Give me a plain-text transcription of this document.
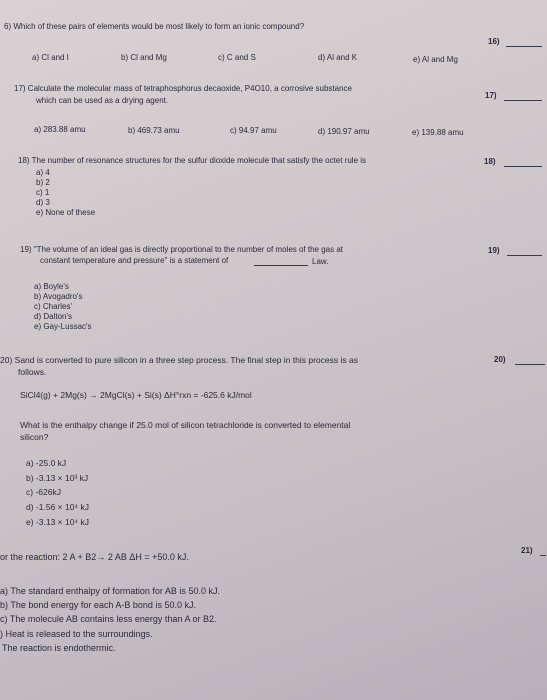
6) Which of these pairs of elements would be most likely to form an ionic compound?
16)
a) Cl and I	b) Cl and Mg	c) C and S	d) Al and K	e) Al and Mg
17) Calculate the molecular mass of tetraphosphorus decaoxide, P4O10, a corrosive substance
which can be used as a drying agent.
17)
a) 283.88 amu	b) 469.73 amu	c) 94.97 amu	d) 190.97 amu	e) 139.88 amu
18) The number of resonance structures for the sulfur dioxide molecule that satisfy the octet rule is	18)
a) 4
b) 2
c) 1
d) 3
e) None of these
19) "The volume of an ideal gas is directly proportional to the number of moles of the gas at
constant temperature and pressure" is a statement of	Law.
19)
a) Boyle's
b) Avogadro's
c) Charles'
d) Dalton's
e) Gay-Lussac's
20) Sand is converted to pure silicon in a three step process. The final step in this process is as
follows.
20)
SiCl4(g) + 2Mg(s) → 2MgCl(s) + Si(s) ΔH°rxn = -625.6 kJ/mol
What is the enthalpy change if 25.0 mol of silicon tetrachloride is converted to elemental
silicon?
a) -25.0 kJ
b) -3.13 × 10³ kJ
c) -626kJ
d) -1.56 × 10⁴ kJ
e) -3.13 × 10⁴ kJ
or the reaction: 2 A + B2→ 2 AB ΔH = +50.0 kJ.
21)
a) The standard enthalpy of formation for AB is 50.0 kJ.
b) The bond energy for each A-B bond is 50.0 kJ.
c) The molecule AB contains less energy than A or B2.
) Heat is released to the surroundings.
The reaction is endothermic.
